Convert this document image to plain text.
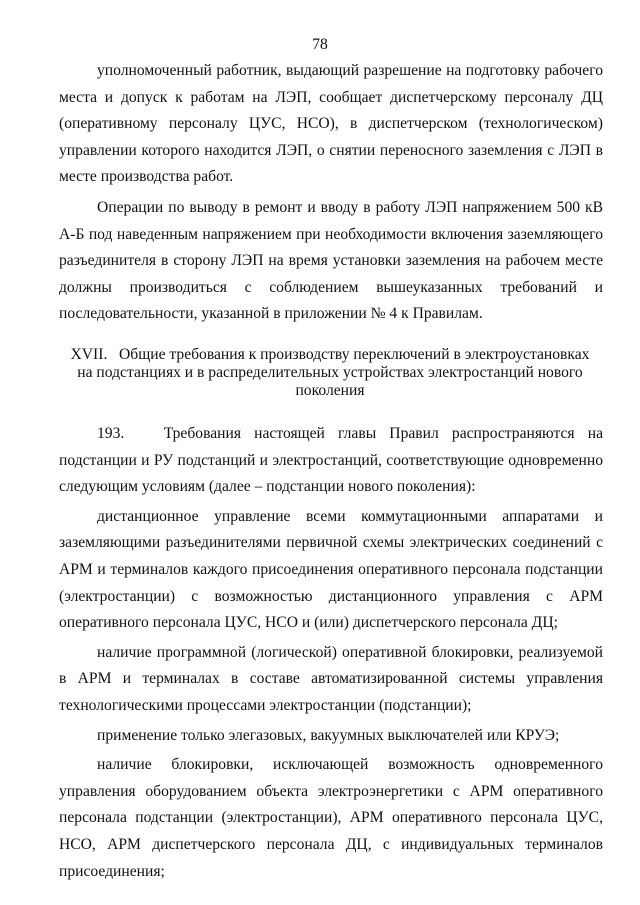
78

уполномоченный работник, выдающий разрешение на подготовку рабочего места и допуск к работам на ЛЭП, сообщает диспетчерскому персоналу ДЦ (оперативному персоналу ЦУС, НСО), в диспетчерском (технологическом) управлении которого находится ЛЭП, о снятии переносного заземления с ЛЭП в месте производства работ.

Операции по выводу в ремонт и вводу в работу ЛЭП напряжением 500 кВ А-Б под наведенным напряжением при необходимости включения заземляющего разъединителя в сторону ЛЭП на время установки заземления на рабочем месте должны производиться с соблюдением вышеуказанных требований и последовательности, указанной в приложении № 4 к Правилам.

XVII.   Общие требования к производству переключений в электроустановках
на подстанциях и в распределительных устройствах электростанций нового
поколения

193.   Требования настоящей главы Правил распространяются на подстанции и РУ подстанций и электростанций, соответствующие одновременно следующим условиям (далее – подстанции нового поколения):

дистанционное управление всеми коммутационными аппаратами и заземляющими разъединителями первичной схемы электрических соединений с АРМ и терминалов каждого присоединения оперативного персонала подстанции (электростанции) с возможностью дистанционного управления с АРМ оперативного персонала ЦУС, НСО и (или) диспетчерского персонала ДЦ;

наличие программной (логической) оперативной блокировки, реализуемой в АРМ и терминалах в составе автоматизированной системы управления технологическими процессами электростанции (подстанции);

применение только элегазовых, вакуумных выключателей или КРУЭ;

наличие блокировки, исключающей возможность одновременного управления оборудованием объекта электроэнергетики с АРМ оперативного персонала подстанции (электростанции), АРМ оперативного персонала ЦУС, НСО, АРМ диспетчерского персонала ДЦ, с индивидуальных терминалов присоединения;
